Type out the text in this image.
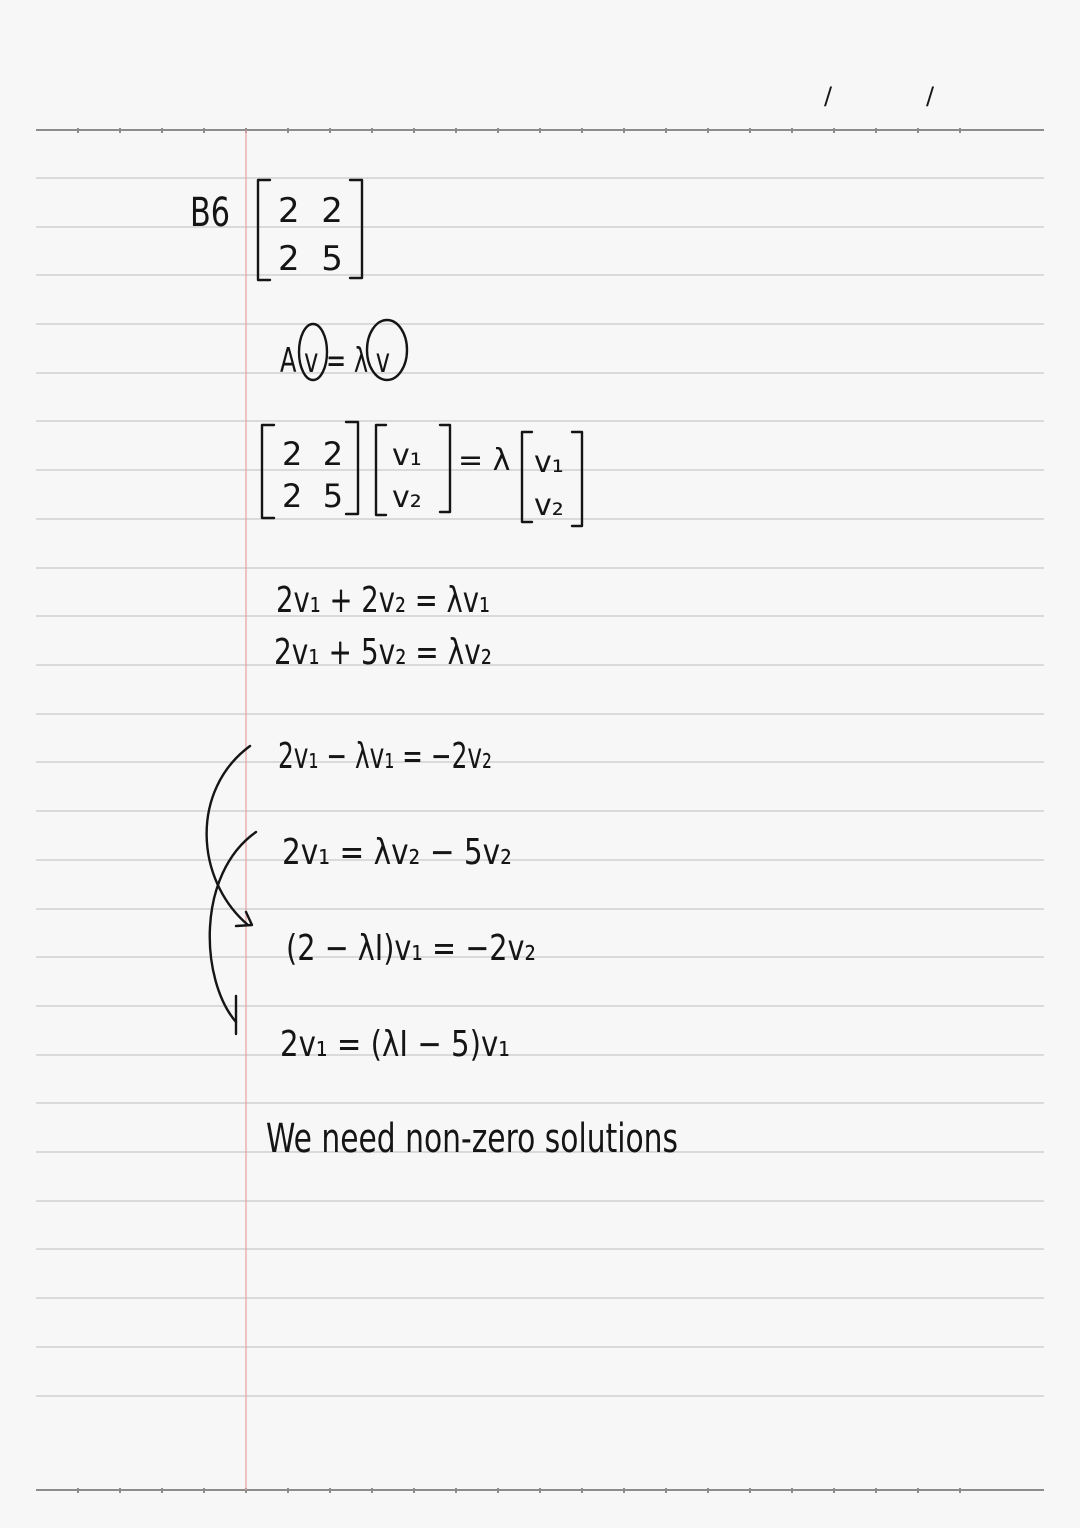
/	/
B6 2  2
2  5
A v = λ v
2  2
2  5
v₁
v₂
= λ v₁
v₂
2v₁ + 2v₂ = λv₁
2v₁ + 5v₂ = λv₂
2v₁ − λv₁ = −2v₂
2v₁ = λv₂ − 5v₂
(2 − λI)v₁ = −2v₂
2v₁ = (λI − 5)v₁
We need non-zero solutions
